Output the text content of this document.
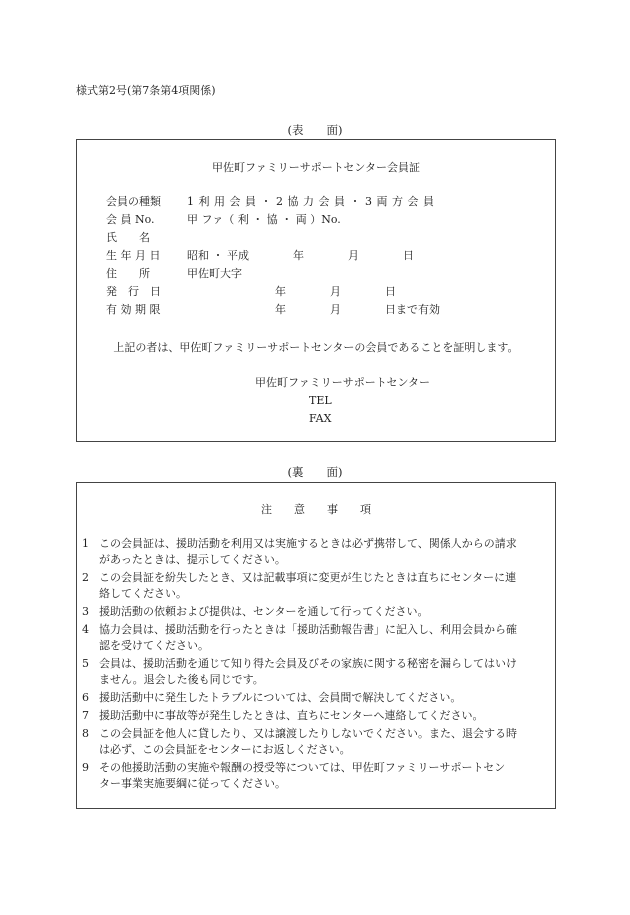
様式第2号(第7条第4項関係)
(表　　面)
甲佐町ファミリーサポートセンター会員証
会員の種類 1 利 用 会 員 ・ 2 協 力 会 員 ・ 3 両 方 会 員
会 員 No.	甲 ファ（ 利 ・ 協 ・ 両 ）No.
氏　　名
生 年 月 日 昭和 ・ 平成　　　　年　　　　月　　　　日
住　　所	甲佐町大字
発　行　日 　　　　　　　　年　　　　月　　　　日
有 効 期 限 　　　　　　　　年　　　　月　　　　日まで有効
上記の者は、甲佐町ファミリーサポートセンターの会員であることを証明します。
甲佐町ファミリーサポートセンター
TEL
FAX
(裏　　面)
注　　意　　事　　項
1 この会員証は、援助活動を利用又は実施するときは必ず携帯して、関係人からの請求
があったときは、提示してください。
2 この会員証を紛失したとき、又は記載事項に変更が生じたときは直ちにセンターに連
絡してください。
3 援助活動の依頼および提供は、センターを通して行ってください。
4 協力会員は、援助活動を行ったときは「援助活動報告書」に記入し、利用会員から確
認を受けてください。
5 会員は、援助活動を通じて知り得た会員及びその家族に関する秘密を漏らしてはいけ
ません。退会した後も同じです。
6 援助活動中に発生したトラブルについては、会員間で解決してください。
7 援助活動中に事故等が発生したときは、直ちにセンターへ連絡してください。
8 この会員証を他人に貸したり、又は譲渡したりしないでください。また、退会する時
は必ず、この会員証をセンターにお返しください。
9 その他援助活動の実施や報酬の授受等については、甲佐町ファミリーサポートセン
ター事業実施要綱に従ってください。
